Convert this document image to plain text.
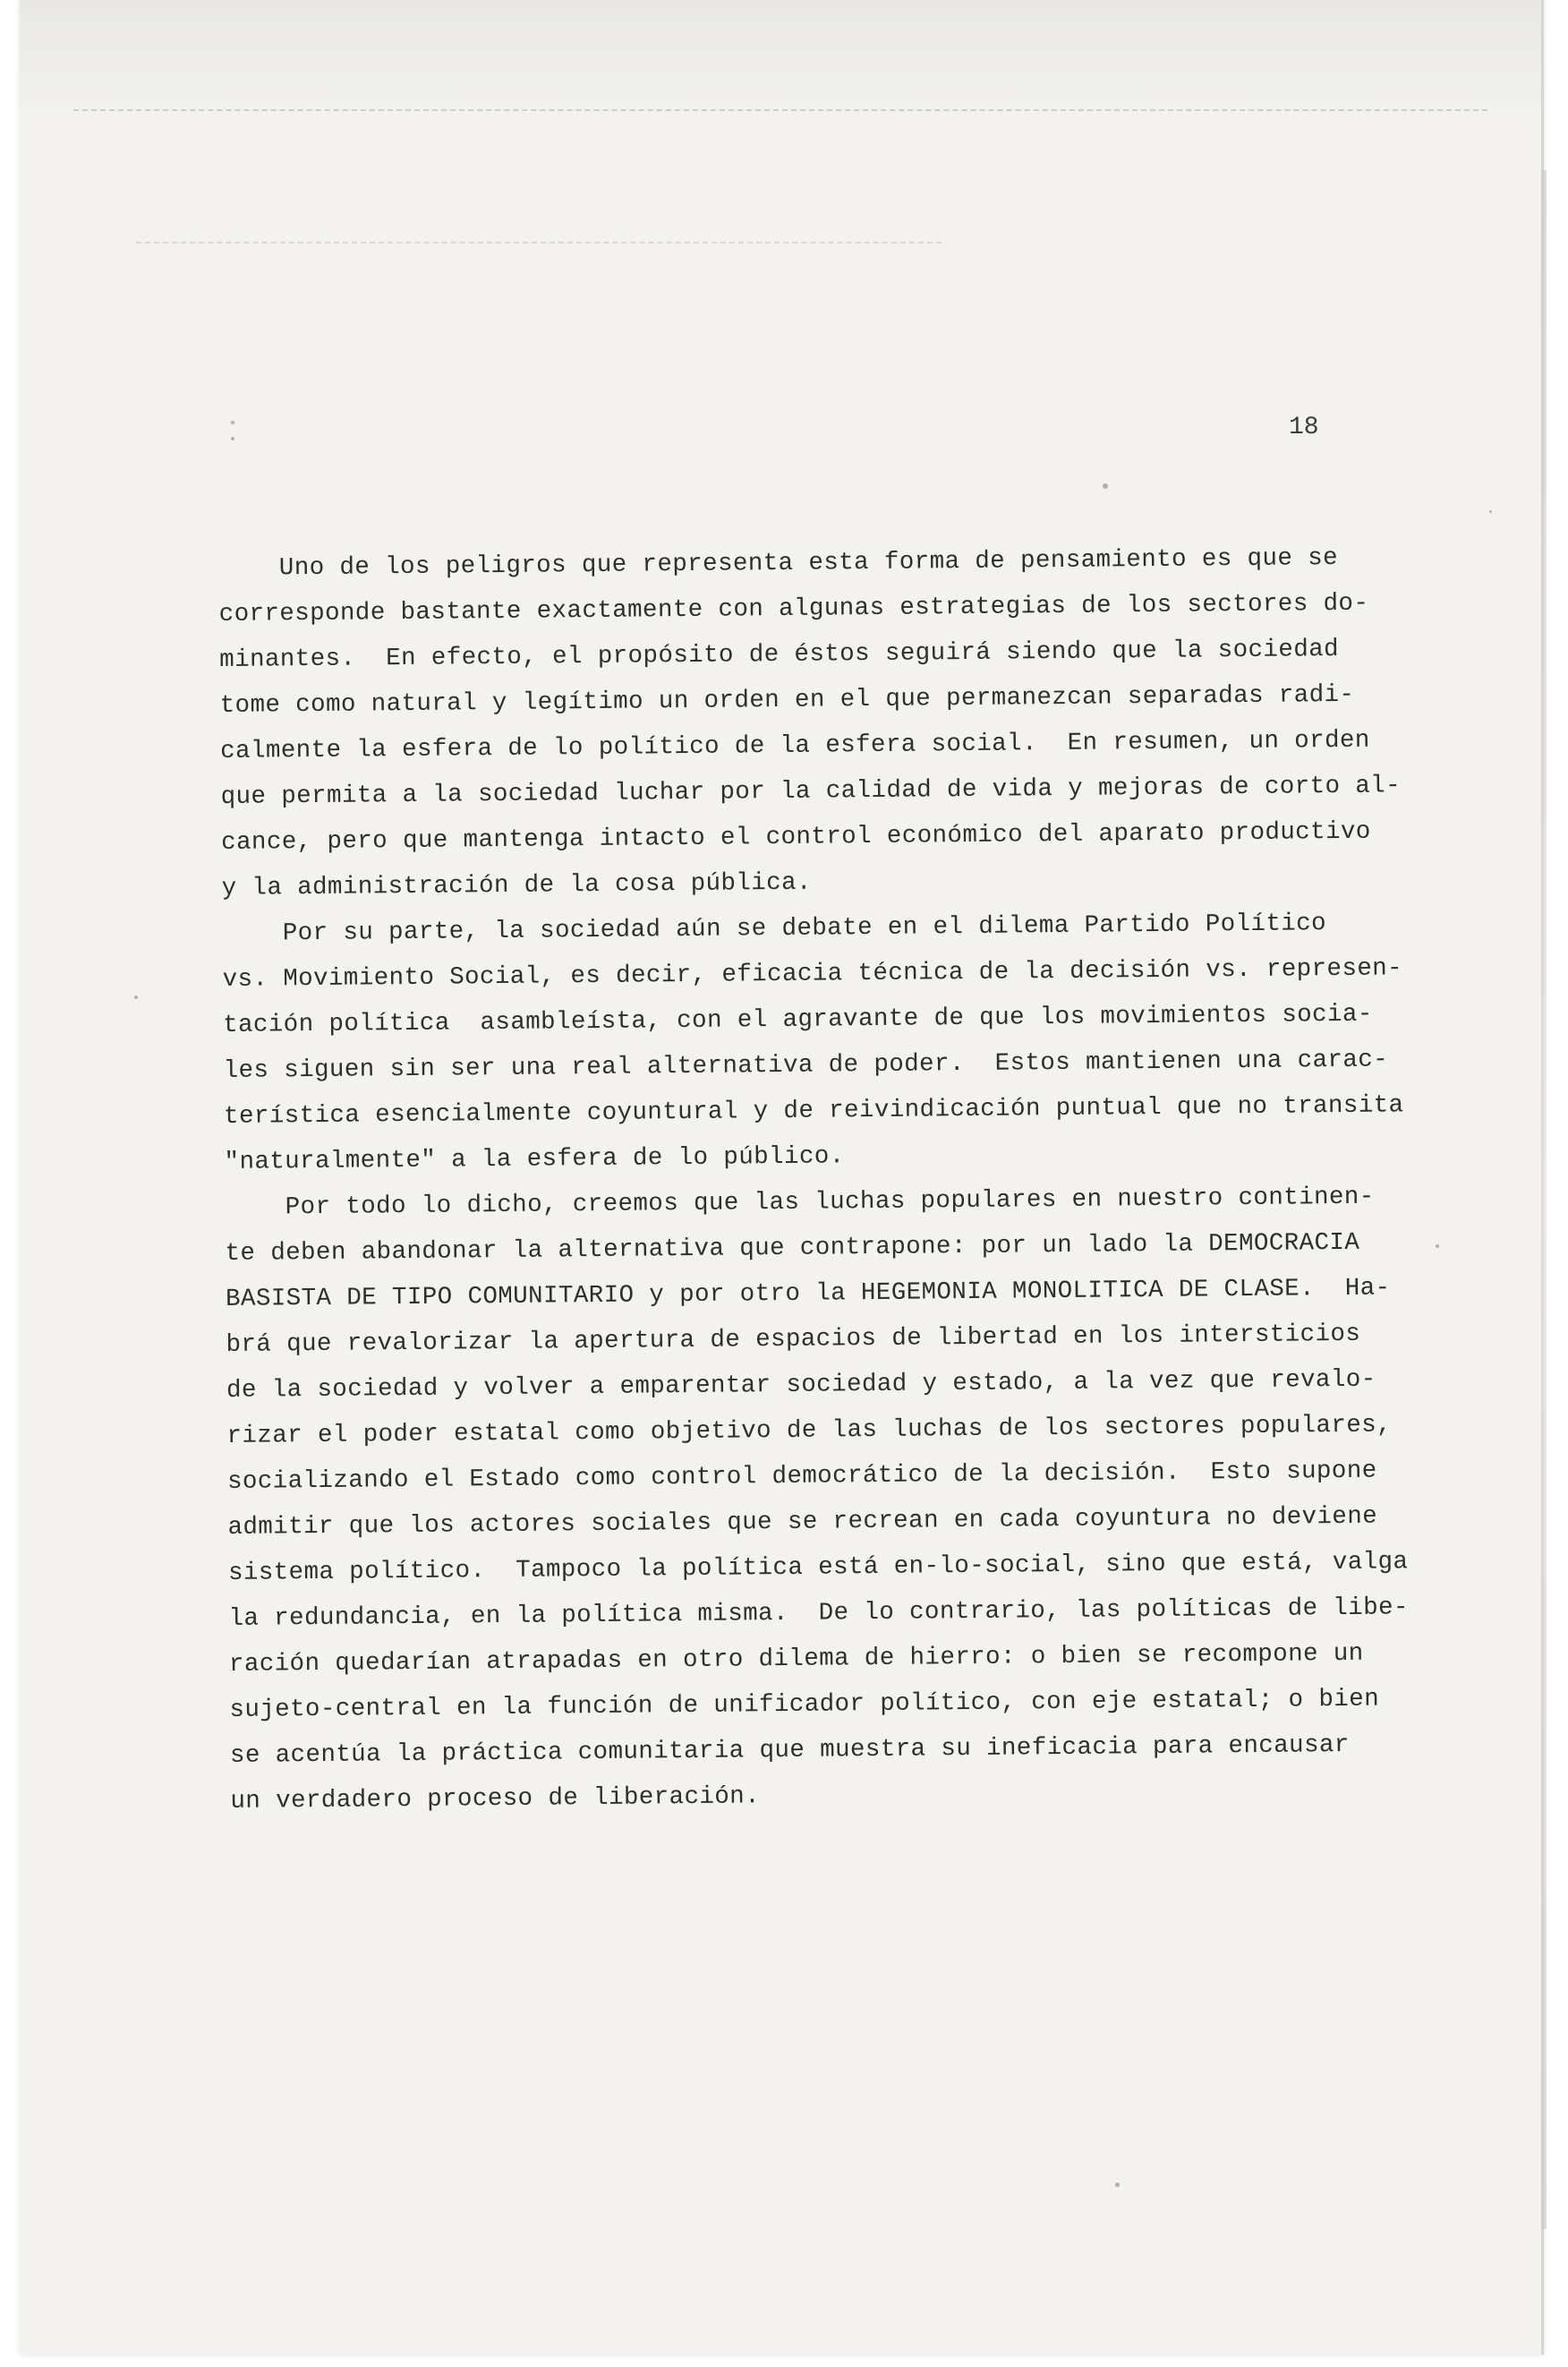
18
Uno de los peligros que representa esta forma de pensamiento es que se
corresponde bastante exactamente con algunas estrategias de los sectores do-
minantes.  En efecto, el propósito de éstos seguirá siendo que la sociedad
tome como natural y legítimo un orden en el que permanezcan separadas radi-
calmente la esfera de lo político de la esfera social.  En resumen, un orden
que permita a la sociedad luchar por la calidad de vida y mejoras de corto al-
cance, pero que mantenga intacto el control económico del aparato productivo
y la administración de la cosa pública.
Por su parte, la sociedad aún se debate en el dilema Partido Político
vs. Movimiento Social, es decir, eficacia técnica de la decisión vs. represen-
tación política  asambleísta, con el agravante de que los movimientos socia-
les siguen sin ser una real alternativa de poder.  Estos mantienen una carac-
terística esencialmente coyuntural y de reivindicación puntual que no transita
"naturalmente" a la esfera de lo público.
Por todo lo dicho, creemos que las luchas populares en nuestro continen-
te deben abandonar la alternativa que contrapone: por un lado la DEMOCRACIA
BASISTA DE TIPO COMUNITARIO y por otro la HEGEMONIA MONOLITICA DE CLASE.  Ha-
brá que revalorizar la apertura de espacios de libertad en los intersticios
de la sociedad y volver a emparentar sociedad y estado, a la vez que revalo-
rizar el poder estatal como objetivo de las luchas de los sectores populares,
socializando el Estado como control democrático de la decisión.  Esto supone
admitir que los actores sociales que se recrean en cada coyuntura no deviene
sistema político.  Tampoco la política está en-lo-social, sino que está, valga
la redundancia, en la política misma.  De lo contrario, las políticas de libe-
ración quedarían atrapadas en otro dilema de hierro: o bien se recompone un
sujeto-central en la función de unificador político, con eje estatal; o bien
se acentúa la práctica comunitaria que muestra su ineficacia para encausar
un verdadero proceso de liberación.
